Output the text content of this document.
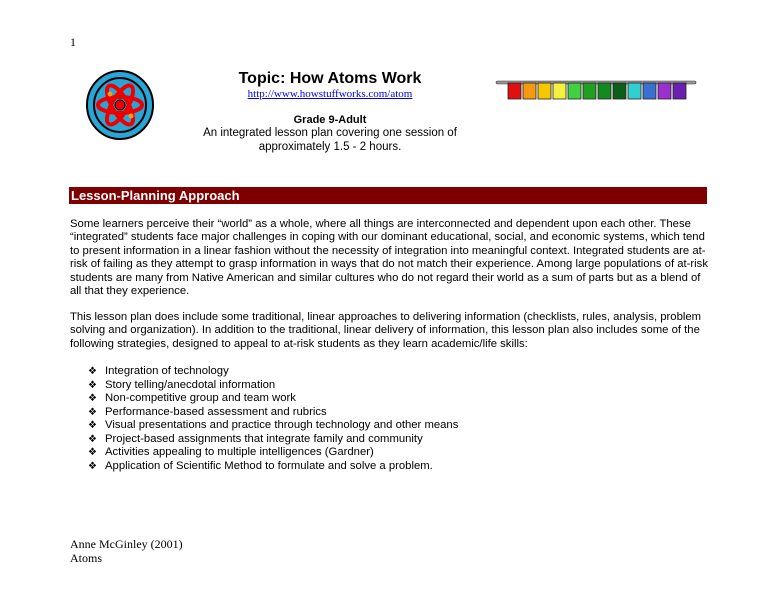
1
Topic: How Atoms Work
http://www.howstuffworks.com/atom
Grade 9-Adult
An integrated lesson plan covering one session of
approximately 1.5 - 2 hours.
Lesson-Planning Approach
Some learners perceive their “world” as a whole, where all things are interconnected and dependent upon each other. These “integrated” students face major challenges in coping with our dominant educational, social, and economic systems, which tend to present information in a linear fashion without the necessity of integration into meaningful context. Integrated students are at-risk of failing as they attempt to grasp information in ways that do not match their experience. Among large populations of at-risk students are many from Native American and similar cultures who do not regard their world as a sum of parts but as a blend of all that they experience.
This lesson plan does include some traditional, linear approaches to delivering information (checklists, rules, analysis, problem solving and organization). In addition to the traditional, linear delivery of information, this lesson plan also includes some of the following strategies, designed to appeal to at-risk students as they learn academic/life skills:
❖ Integration of technology
❖ Story telling/anecdotal information
❖ Non-competitive group and team work
❖ Performance-based assessment and rubrics
❖ Visual presentations and practice through technology and other means
❖ Project-based assignments that integrate family and community
❖ Activities appealing to multiple intelligences (Gardner)
❖ Application of Scientific Method to formulate and solve a problem.
Anne McGinley (2001)
Atoms
